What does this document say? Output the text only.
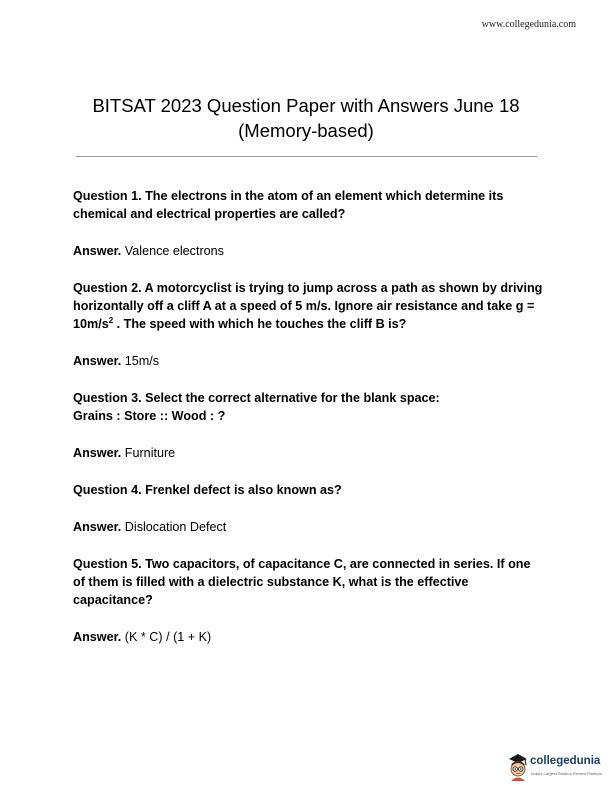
www.collegedunia.com
BITSAT 2023 Question Paper with Answers June 18
(Memory-based)

Question 1. The electrons in the atom of an element which determine its chemical and electrical properties are called?

Answer. Valence electrons

Question 2. A motorcyclist is trying to jump across a path as shown by driving horizontally off a cliff A at a speed of 5 m/s. Ignore air resistance and take $g = 10m/s^2$ . The speed with which he touches the cliff B is?

Answer. 15m/s

Question 3. Select the correct alternative for the blank space:
Grains : Store :: Wood : ?

Answer. Furniture

Question 4. Frenkel defect is also known as?

Answer. Dislocation Defect

Question 5. Two capacitors, of capacitance C, are connected in series. If one of them is filled with a dielectric substance K, what is the effective capacitance?

Answer. (K * C) / (1 + K)

collegedunia
India's Largest Student Review Platform
